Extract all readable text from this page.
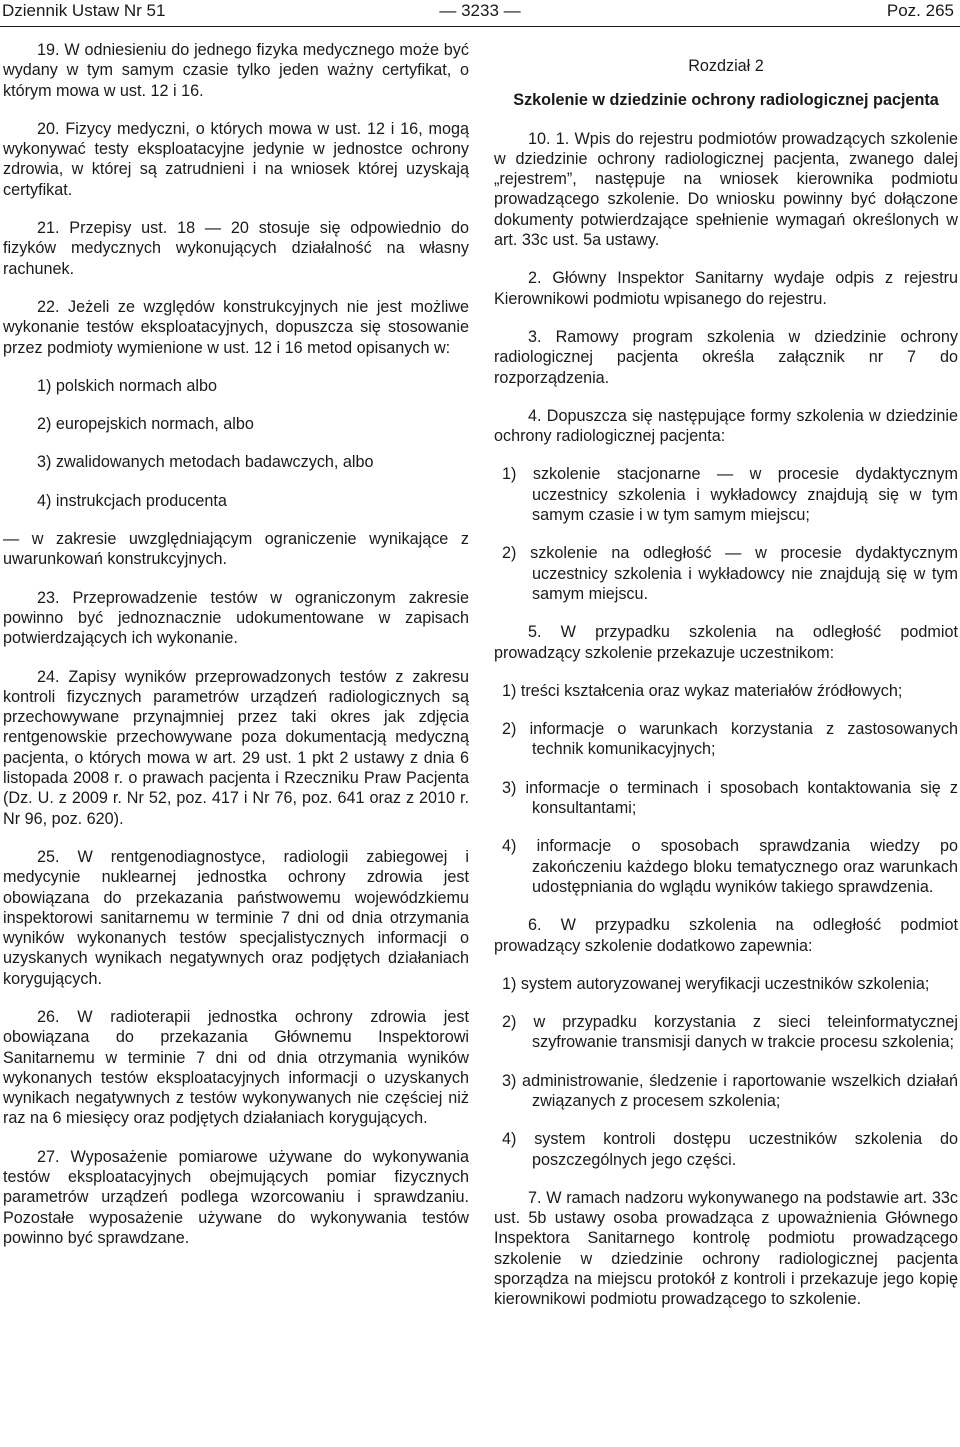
Dziennik Ustaw Nr 51	— 3233 —	Poz. 265

19. W odniesieniu do jednego fizyka medycznego może być wydany w tym samym czasie tylko jeden ważny certyfikat, o którym mowa w ust. 12 i 16.

20. Fizycy medyczni, o których mowa w ust. 12 i 16, mogą wykonywać testy eksploatacyjne jedynie w jednostce ochrony zdrowia, w której są zatrudnieni i na wniosek której uzyskają certyfikat.

21. Przepisy ust. 18 — 20 stosuje się odpowiednio do fizyków medycznych wykonujących działalność na własny rachunek.

22. Jeżeli ze względów konstrukcyjnych nie jest możliwe wykonanie testów eksploatacyjnych, dopuszcza się stosowanie przez podmioty wymienione w ust. 12 i 16 metod opisanych w:

1) polskich normach albo

2) europejskich normach, albo

3) zwalidowanych metodach badawczych, albo

4) instrukcjach producenta

— w zakresie uwzględniającym ograniczenie wynikające z uwarunkowań konstrukcyjnych.

23. Przeprowadzenie testów w ograniczonym zakresie powinno być jednoznacznie udokumentowane w zapisach potwierdzających ich wykonanie.

24. Zapisy wyników przeprowadzonych testów z zakresu kontroli fizycznych parametrów urządzeń radiologicznych są przechowywane przynajmniej przez taki okres jak zdjęcia rentgenowskie przechowywane poza dokumentacją medyczną pacjenta, o których mowa w art. 29 ust. 1 pkt 2 ustawy z dnia 6 listopada 2008 r. o prawach pacjenta i Rzeczniku Praw Pacjenta (Dz. U. z 2009 r. Nr 52, poz. 417 i Nr 76, poz. 641 oraz z 2010 r. Nr 96, poz. 620).

25. W rentgenodiagnostyce, radiologii zabiegowej i medycynie nuklearnej jednostka ochrony zdrowia jest obowiązana do przekazania państwowemu wojewódzkiemu inspektorowi sanitarnemu w terminie 7 dni od dnia otrzymania wyników wykonanych testów specjalistycznych informacji o uzyskanych wynikach negatywnych oraz podjętych działaniach korygujących.

26. W radioterapii jednostka ochrony zdrowia jest obowiązana do przekazania Głównemu Inspektorowi Sanitarnemu w terminie 7 dni od dnia otrzymania wyników wykonanych testów eksploatacyjnych informacji o uzyskanych wynikach negatywnych z testów wykonywanych nie częściej niż raz na 6 miesięcy oraz podjętych działaniach korygujących.

27. Wyposażenie pomiarowe używane do wykonywania testów eksploatacyjnych obejmujących pomiar fizycznych parametrów urządzeń podlega wzorcowaniu i sprawdzaniu. Pozostałe wyposażenie używane do wykonywania testów powinno być sprawdzane.

Rozdział 2

Szkolenie w dziedzinie ochrony radiologicznej pacjenta

10. 1. Wpis do rejestru podmiotów prowadzących szkolenie w dziedzinie ochrony radiologicznej pacjenta, zwanego dalej „rejestrem”, następuje na wniosek kierownika podmiotu prowadzącego szkolenie. Do wniosku powinny być dołączone dokumenty potwierdzające spełnienie wymagań określonych w art. 33c ust. 5a ustawy.

2. Główny Inspektor Sanitarny wydaje odpis z rejestru Kierownikowi podmiotu wpisanego do rejestru.

3. Ramowy program szkolenia w dziedzinie ochrony radiologicznej pacjenta określa załącznik nr 7 do rozporządzenia.

4. Dopuszcza się następujące formy szkolenia w dziedzinie ochrony radiologicznej pacjenta:

1) szkolenie stacjonarne — w procesie dydaktycznym uczestnicy szkolenia i wykładowcy znajdują się w tym samym czasie i w tym samym miejscu;

2) szkolenie na odległość — w procesie dydaktycznym uczestnicy szkolenia i wykładowcy nie znajdują się w tym samym miejscu.

5. W przypadku szkolenia na odległość podmiot prowadzący szkolenie przekazuje uczestnikom:

1) treści kształcenia oraz wykaz materiałów źródłowych;

2) informacje o warunkach korzystania z zastosowanych technik komunikacyjnych;

3) informacje o terminach i sposobach kontaktowania się z konsultantami;

4) informacje o sposobach sprawdzania wiedzy po zakończeniu każdego bloku tematycznego oraz warunkach udostępniania do wglądu wyników takiego sprawdzenia.

6. W przypadku szkolenia na odległość podmiot prowadzący szkolenie dodatkowo zapewnia:

1) system autoryzowanej weryfikacji uczestników szkolenia;

2) w przypadku korzystania z sieci teleinformatycznej szyfrowanie transmisji danych w trakcie procesu szkolenia;

3) administrowanie, śledzenie i raportowanie wszelkich działań związanych z procesem szkolenia;

4) system kontroli dostępu uczestników szkolenia do poszczególnych jego części.

7. W ramach nadzoru wykonywanego na podstawie art. 33c ust. 5b ustawy osoba prowadząca z upoważnienia Głównego Inspektora Sanitarnego kontrolę podmiotu prowadzącego szkolenie w dziedzinie ochrony radiologicznej pacjenta sporządza na miejscu protokół z kontroli i przekazuje jego kopię kierownikowi podmiotu prowadzącego to szkolenie.
